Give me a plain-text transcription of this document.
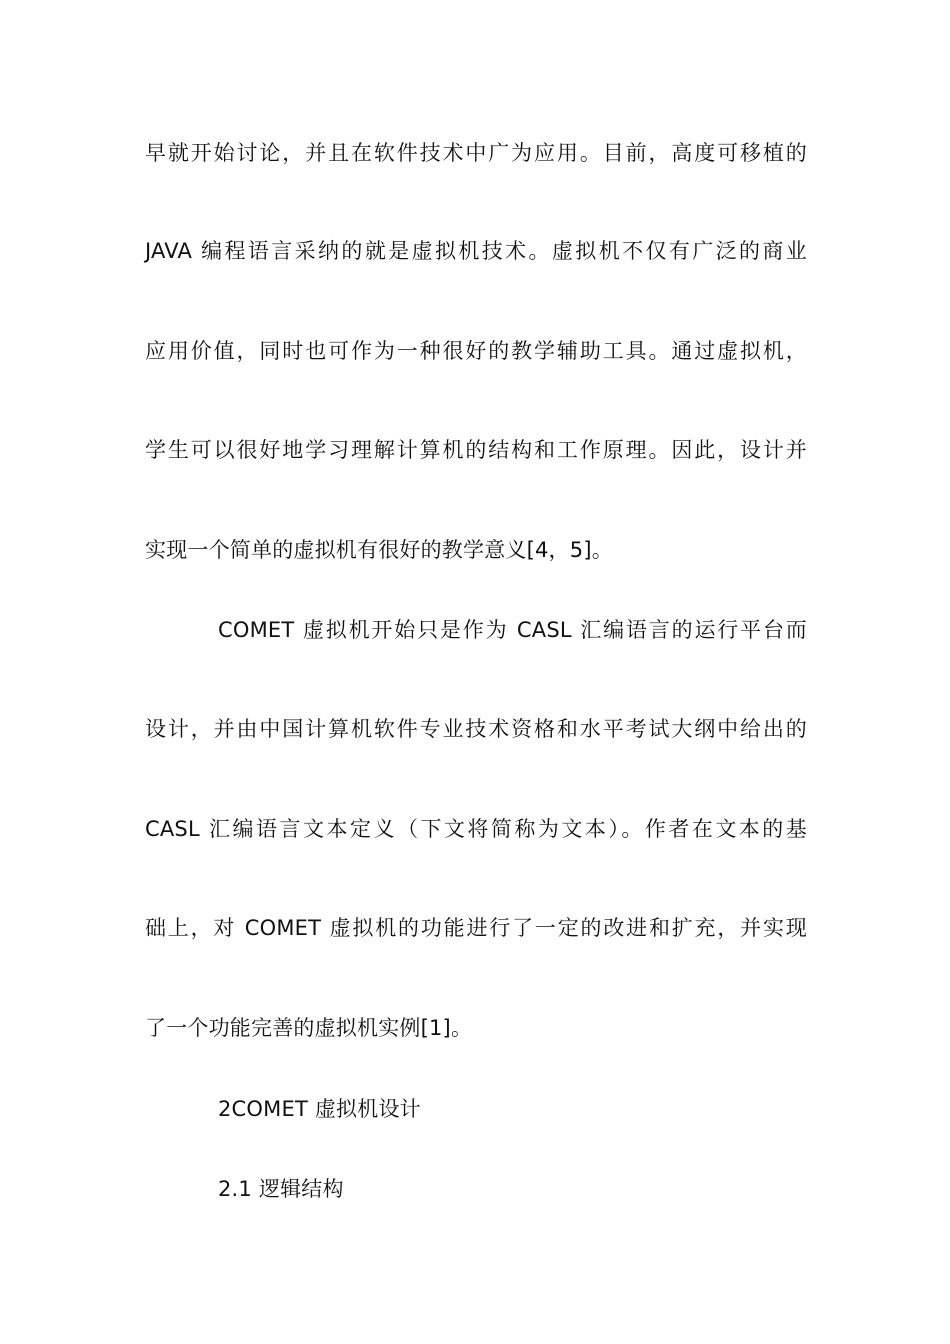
早就开始讨论，并且在软件技术中广为应用。目前，高度可移植的
JAVA 编程语言采纳的就是虚拟机技术。虚拟机不仅有广泛的商业
应用价值，同时也可作为一种很好的教学辅助工具。通过虚拟机，
学生可以很好地学习理解计算机的结构和工作原理。因此，设计并
实现一个简单的虚拟机有很好的教学意义[4，5]。
COMET 虚拟机开始只是作为 CASL 汇编语言的运行平台而
设计，并由中国计算机软件专业技术资格和水平考试大纲中给出的
CASL 汇编语言文本定义（下文将简称为文本）。作者在文本的基
础上，对 COMET 虚拟机的功能进行了一定的改进和扩充，并实现
了一个功能完善的虚拟机实例[1]。
2COMET 虚拟机设计
2.1 逻辑结构
